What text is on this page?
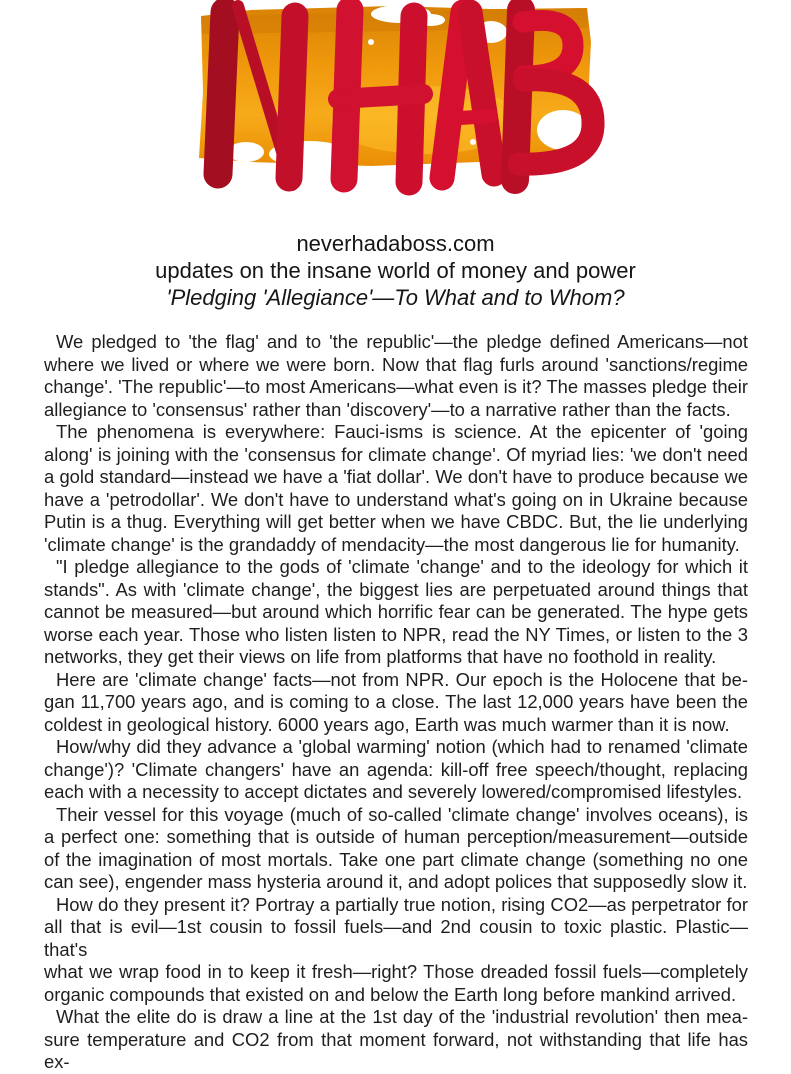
neverhadaboss.com
updates on the insane world of money and power
'Pledging 'Allegiance'—To What and to Whom?
We pledged to 'the flag' and to 'the republic'—the pledge defined Americans—not
where we lived or where we were born. Now that flag furls around 'sanctions/regime
change'. 'The republic'—to most Americans—what even is it? The masses pledge their
allegiance to 'consensus' rather than 'discovery'—to a narrative rather than the facts.
The phenomena is everywhere: Fauci-isms is science. At the epicenter of 'going
along' is joining with the 'consensus for climate change'. Of myriad lies: 'we don't need
a gold standard—instead we have a 'fiat dollar'. We don't have to produce because we
have a 'petrodollar'. We don't have to understand what's going on in Ukraine because
Putin is a thug. Everything will get better when we have CBDC. But, the lie underlying
'climate change' is the grandaddy of mendacity—the most dangerous lie for humanity.
"I pledge allegiance to the gods of 'climate 'change' and to the ideology for which it
stands". As with 'climate change', the biggest lies are perpetuated around things that
cannot be measured—but around which horrific fear can be generated. The hype gets
worse each year. Those who listen listen to NPR, read the NY Times, or listen to the 3
networks, they get their views on life from platforms that have no foothold in reality.
Here are 'climate change' facts—not from NPR. Our epoch is the Holocene that be-
gan 11,700 years ago, and is coming to a close. The last 12,000 years have been the
coldest in geological history. 6000 years ago, Earth was much warmer than it is now.
How/why did they advance a 'global warming' notion (which had to renamed 'climate
change')? 'Climate changers' have an agenda: kill-off free speech/thought, replacing
each with a necessity to accept dictates and severely lowered/compromised lifestyles.
Their vessel for this voyage (much of so-called 'climate change' involves oceans), is
a perfect one: something that is outside of human perception/measurement—outside
of the imagination of most mortals. Take one part climate change (something no one
can see), engender mass hysteria around it, and adopt polices that supposedly slow it.
How do they present it? Portray a partially true notion, rising CO2—as perpetrator for
all that is evil—1st cousin to fossil fuels—and 2nd cousin to toxic plastic. Plastic—that's
what we wrap food in to keep it fresh—right? Those dreaded fossil fuels—completely
organic compounds that existed on and below the Earth long before mankind arrived.
What the elite do is draw a line at the 1st day of the 'industrial revolution' then mea-
sure temperature and CO2 from that moment forward, not withstanding that life has ex-
